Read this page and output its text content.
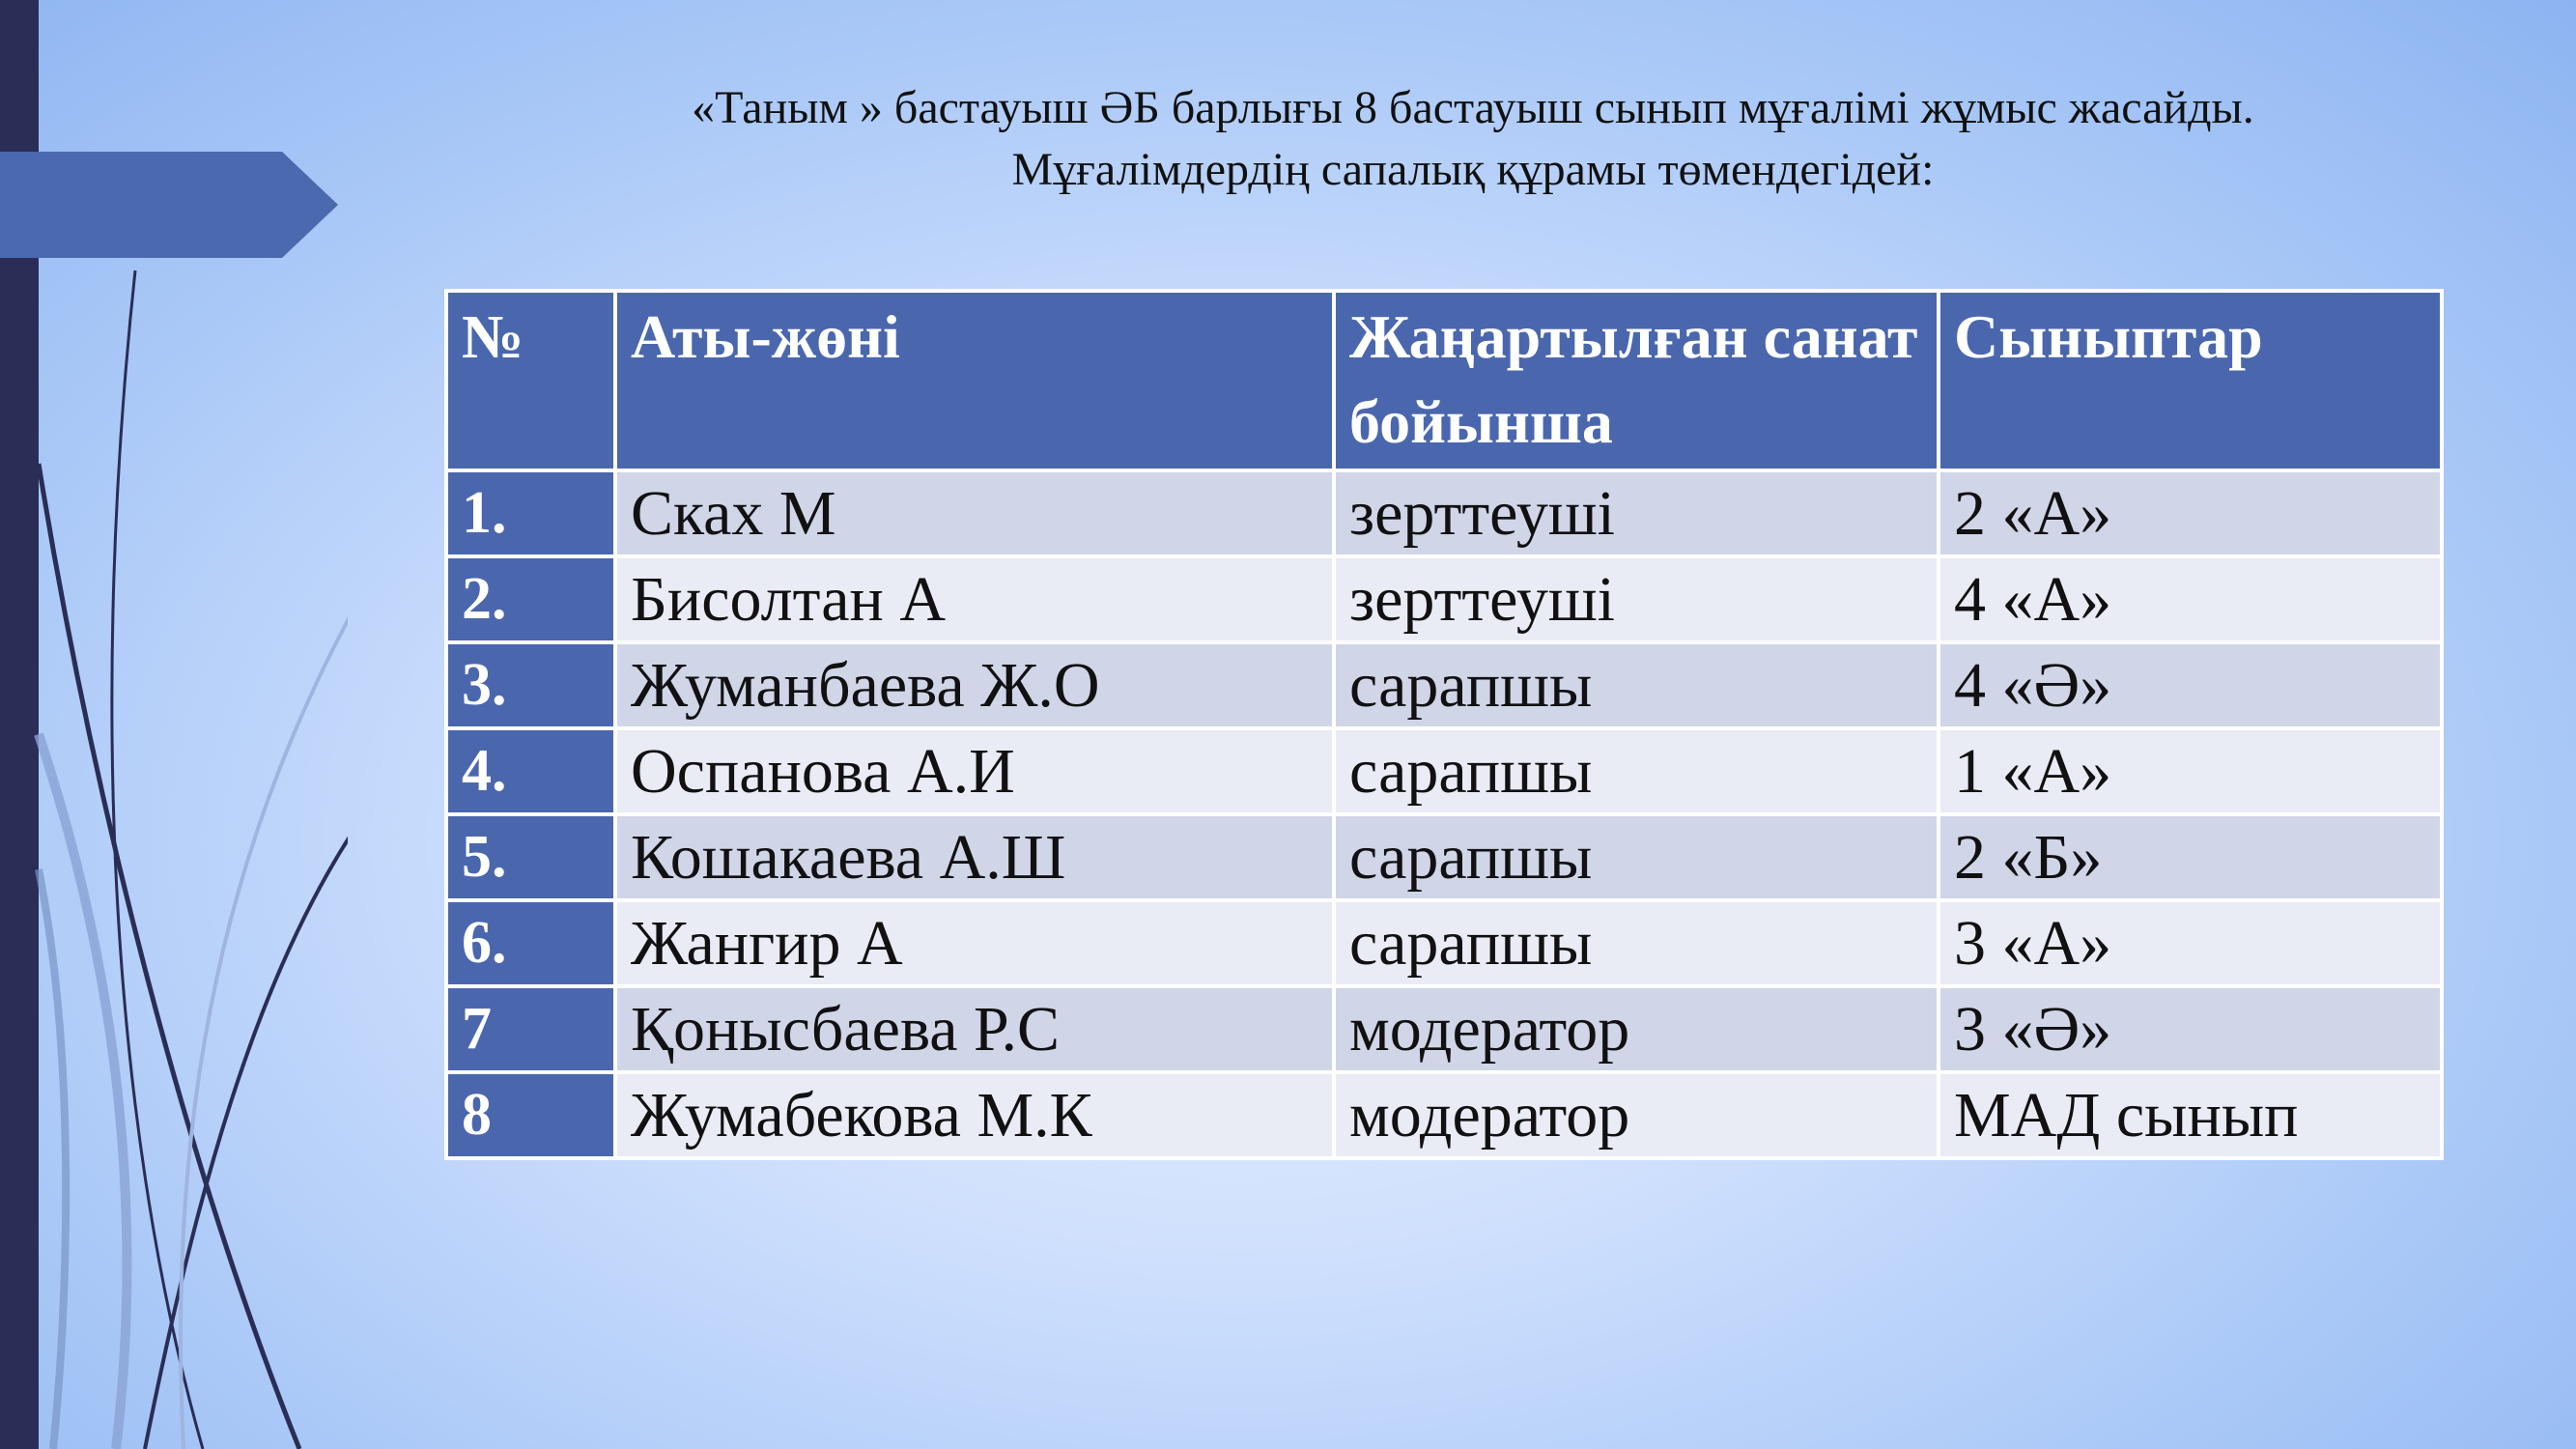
«Таным » бастауыш ӘБ барлығы 8 бастауыш сынып мұғалімі жұмыс жасайды.
Мұғалімдердің сапалық құрамы төмендегідей:
№	Аты-жөні	Жаңартылған санат бойынша	Сыныптар
1.	Сках М	зерттеуші	2 «А»
2.	Бисолтан А	зерттеуші	4 «А»
3.	Жуманбаева Ж.О	сарапшы	4 «Ә»
4.	Оспанова А.И	сарапшы	1 «А»
5.	Кошакаева А.Ш	сарапшы	2 «Б»
6.	Жангир А	сарапшы	3 «А»
7	Қонысбаева Р.С	модератор	3 «Ә»
8	Жумабекова М.К	модератор	МАД сынып
